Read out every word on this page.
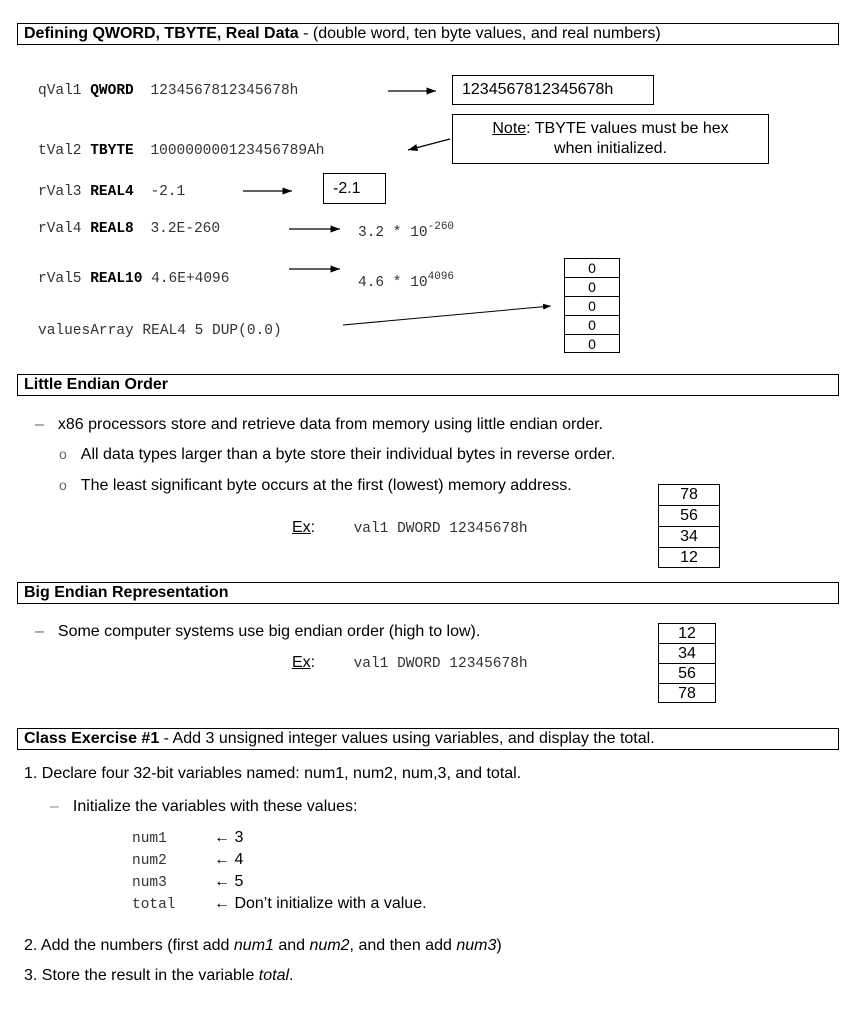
Defining QWORD, TBYTE, Real Data - (double word, ten byte values, and real numbers)
qVal1 QWORD 1234567812345678h
tVal2 TBYTE 100000000123456789Ah
rVal3 REAL4 -2.1
rVal4 REAL8 3.2E-260
rVal5 REAL10 4.6E+4096
valuesArray REAL4 5 DUP(0.0)
1234567812345678h
Note: TBYTE values must be hex
when initialized.
-2.1
$3.2 * 10^{-260}$
$4.6 * 10^{4096}$
0
0
0
0
0
Little Endian Order
– x86 processors store and retrieve data from memory using little endian order.
o All data types larger than a byte store their individual bytes in reverse order.
o The least significant byte occurs at the first (lowest) memory address.
Ex:	val1 DWORD 12345678h
78
56
34
12
Big Endian Representation
– Some computer systems use big endian order (high to low).
Ex:	val1 DWORD 12345678h
12
34
56
78
Class Exercise #1 - Add 3 unsigned integer values using variables, and display the total.
1. Declare four 32-bit variables named: num1, num2, num,3, and total.
– Initialize the variables with these values:
num1	← 3
num2	← 4
num3	← 5
total ← Don’t initialize with a value.
2. Add the numbers (first add num1 and num2, and then add num3)
3. Store the result in the variable total.
